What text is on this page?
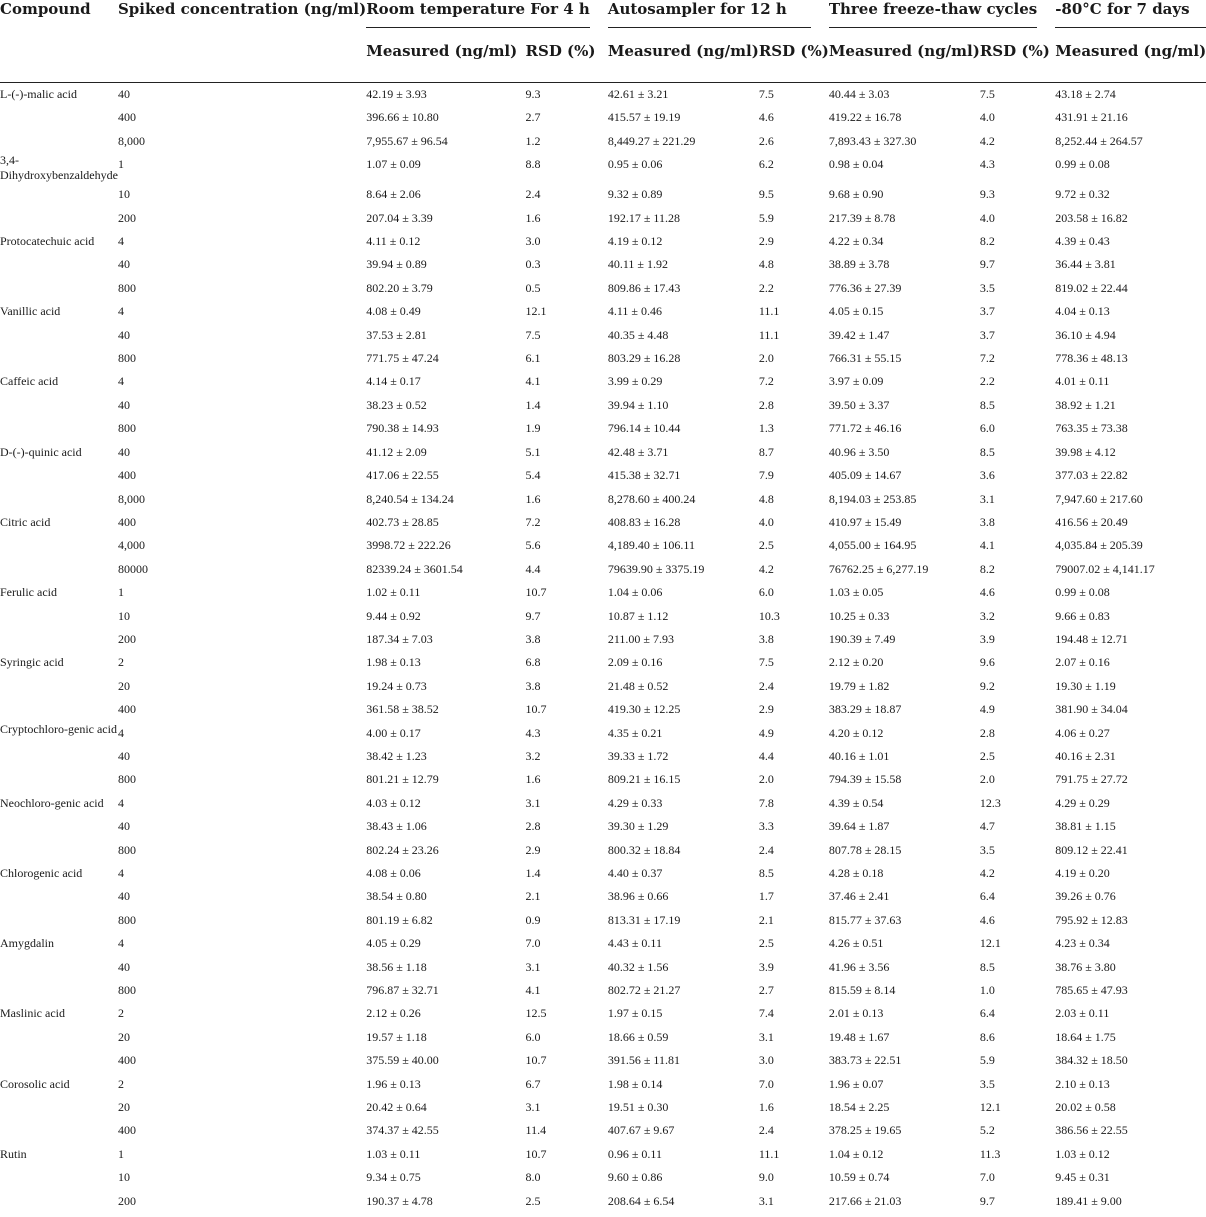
Compound	Spiked concentration (ng/ml)	Room temperature For 4 h		Autosampler for 12 h		Three freeze-thaw cycles		-80°C for 7 days

		Measured (ng/ml)	RSD (%)	Measured (ng/ml)	RSD (%)	Measured (ng/ml)	RSD (%)	Measured (ng/ml)
L-(-)-malic acid	40	42.19 ± 3.93	9.3	42.61 ± 3.21	7.5	40.44 ± 3.03	7.5	43.18 ± 2.74
	400	396.66 ± 10.80	2.7	415.57 ± 19.19	4.6	419.22 ± 16.78	4.0	431.91 ± 21.16
	8,000	7,955.67 ± 96.54	1.2	8,449.27 ± 221.29	2.6	7,893.43 ± 327.30	4.2	8,252.44 ± 264.57
3,4-
Dihydroxybenzaldehyde	1	1.07 ± 0.09	8.8	0.95 ± 0.06	6.2	0.98 ± 0.04	4.3	0.99 ± 0.08
	10	8.64 ± 2.06	2.4	9.32 ± 0.89	9.5	9.68 ± 0.90	9.3	9.72 ± 0.32
	200	207.04 ± 3.39	1.6	192.17 ± 11.28	5.9	217.39 ± 8.78	4.0	203.58 ± 16.82
Protocatechuic acid	4	4.11 ± 0.12	3.0	4.19 ± 0.12	2.9	4.22 ± 0.34	8.2	4.39 ± 0.43
	40	39.94 ± 0.89	0.3	40.11 ± 1.92	4.8	38.89 ± 3.78	9.7	36.44 ± 3.81
	800	802.20 ± 3.79	0.5	809.86 ± 17.43	2.2	776.36 ± 27.39	3.5	819.02 ± 22.44
Vanillic acid	4	4.08 ± 0.49	12.1	4.11 ± 0.46	11.1	4.05 ± 0.15	3.7	4.04 ± 0.13
	40	37.53 ± 2.81	7.5	40.35 ± 4.48	11.1	39.42 ± 1.47	3.7	36.10 ± 4.94
	800	771.75 ± 47.24	6.1	803.29 ± 16.28	2.0	766.31 ± 55.15	7.2	778.36 ± 48.13
Caffeic acid	4	4.14 ± 0.17	4.1	3.99 ± 0.29	7.2	3.97 ± 0.09	2.2	4.01 ± 0.11
	40	38.23 ± 0.52	1.4	39.94 ± 1.10	2.8	39.50 ± 3.37	8.5	38.92 ± 1.21
	800	790.38 ± 14.93	1.9	796.14 ± 10.44	1.3	771.72 ± 46.16	6.0	763.35 ± 73.38
D-(-)-quinic acid	40	41.12 ± 2.09	5.1	42.48 ± 3.71	8.7	40.96 ± 3.50	8.5	39.98 ± 4.12
	400	417.06 ± 22.55	5.4	415.38 ± 32.71	7.9	405.09 ± 14.67	3.6	377.03 ± 22.82
	8,000	8,240.54 ± 134.24	1.6	8,278.60 ± 400.24	4.8	8,194.03 ± 253.85	3.1	7,947.60 ± 217.60
Citric acid	400	402.73 ± 28.85	7.2	408.83 ± 16.28	4.0	410.97 ± 15.49	3.8	416.56 ± 20.49
	4,000	3998.72 ± 222.26	5.6	4,189.40 ± 106.11	2.5	4,055.00 ± 164.95	4.1	4,035.84 ± 205.39
	80000	82339.24 ± 3601.54	4.4	79639.90 ± 3375.19	4.2	76762.25 ± 6,277.19	8.2	79007.02 ± 4,141.17
Ferulic acid	1	1.02 ± 0.11	10.7	1.04 ± 0.06	6.0	1.03 ± 0.05	4.6	0.99 ± 0.08
	10	9.44 ± 0.92	9.7	10.87 ± 1.12	10.3	10.25 ± 0.33	3.2	9.66 ± 0.83
	200	187.34 ± 7.03	3.8	211.00 ± 7.93	3.8	190.39 ± 7.49	3.9	194.48 ± 12.71
Syringic acid	2	1.98 ± 0.13	6.8	2.09 ± 0.16	7.5	2.12 ± 0.20	9.6	2.07 ± 0.16
	20	19.24 ± 0.73	3.8	21.48 ± 0.52	2.4	19.79 ± 1.82	9.2	19.30 ± 1.19
	400	361.58 ± 38.52	10.7	419.30 ± 12.25	2.9	383.29 ± 18.87	4.9	381.90 ± 34.04
Cryptochloro-genic acid	4	4.00 ± 0.17	4.3	4.35 ± 0.21	4.9	4.20 ± 0.12	2.8	4.06 ± 0.27
	40	38.42 ± 1.23	3.2	39.33 ± 1.72	4.4	40.16 ± 1.01	2.5	40.16 ± 2.31
	800	801.21 ± 12.79	1.6	809.21 ± 16.15	2.0	794.39 ± 15.58	2.0	791.75 ± 27.72
Neochloro-genic acid	4	4.03 ± 0.12	3.1	4.29 ± 0.33	7.8	4.39 ± 0.54	12.3	4.29 ± 0.29
	40	38.43 ± 1.06	2.8	39.30 ± 1.29	3.3	39.64 ± 1.87	4.7	38.81 ± 1.15
	800	802.24 ± 23.26	2.9	800.32 ± 18.84	2.4	807.78 ± 28.15	3.5	809.12 ± 22.41
Chlorogenic acid	4	4.08 ± 0.06	1.4	4.40 ± 0.37	8.5	4.28 ± 0.18	4.2	4.19 ± 0.20
	40	38.54 ± 0.80	2.1	38.96 ± 0.66	1.7	37.46 ± 2.41	6.4	39.26 ± 0.76
	800	801.19 ± 6.82	0.9	813.31 ± 17.19	2.1	815.77 ± 37.63	4.6	795.92 ± 12.83
Amygdalin	4	4.05 ± 0.29	7.0	4.43 ± 0.11	2.5	4.26 ± 0.51	12.1	4.23 ± 0.34
	40	38.56 ± 1.18	3.1	40.32 ± 1.56	3.9	41.96 ± 3.56	8.5	38.76 ± 3.80
	800	796.87 ± 32.71	4.1	802.72 ± 21.27	2.7	815.59 ± 8.14	1.0	785.65 ± 47.93
Maslinic acid	2	2.12 ± 0.26	12.5	1.97 ± 0.15	7.4	2.01 ± 0.13	6.4	2.03 ± 0.11
	20	19.57 ± 1.18	6.0	18.66 ± 0.59	3.1	19.48 ± 1.67	8.6	18.64 ± 1.75
	400	375.59 ± 40.00	10.7	391.56 ± 11.81	3.0	383.73 ± 22.51	5.9	384.32 ± 18.50
Corosolic acid	2	1.96 ± 0.13	6.7	1.98 ± 0.14	7.0	1.96 ± 0.07	3.5	2.10 ± 0.13
	20	20.42 ± 0.64	3.1	19.51 ± 0.30	1.6	18.54 ± 2.25	12.1	20.02 ± 0.58
	400	374.37 ± 42.55	11.4	407.67 ± 9.67	2.4	378.25 ± 19.65	5.2	386.56 ± 22.55
Rutin	1	1.03 ± 0.11	10.7	0.96 ± 0.11	11.1	1.04 ± 0.12	11.3	1.03 ± 0.12
	10	9.34 ± 0.75	8.0	9.60 ± 0.86	9.0	10.59 ± 0.74	7.0	9.45 ± 0.31
	200	190.37 ± 4.78	2.5	208.64 ± 6.54	3.1	217.66 ± 21.03	9.7	189.41 ± 9.00
